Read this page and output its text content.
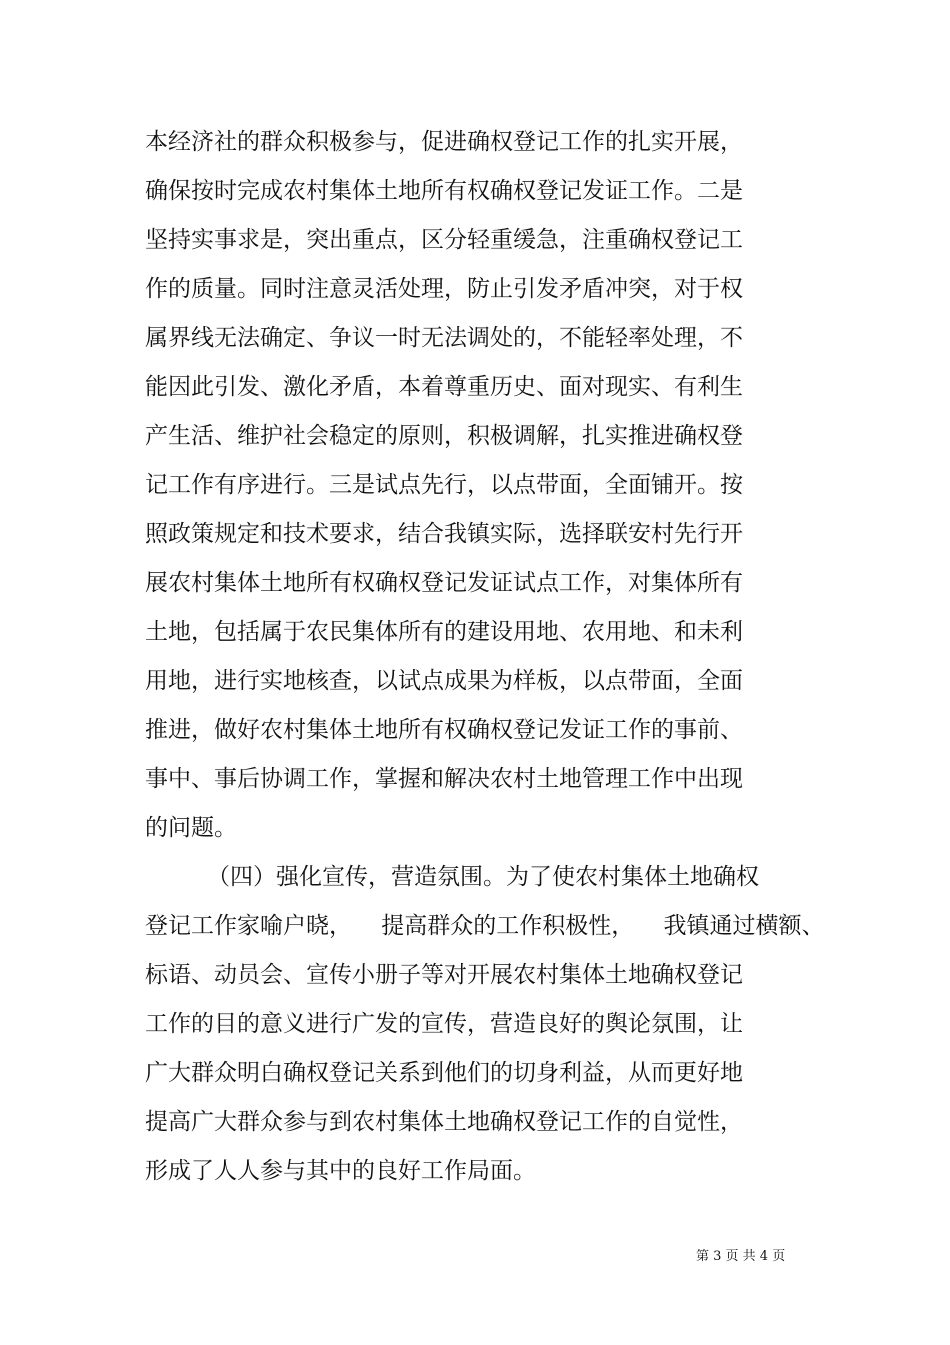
本经济社的群众积极参与，促进确权登记工作的扎实开展，
确保按时完成农村集体土地所有权确权登记发证工作。二是
坚持实事求是，突出重点，区分轻重缓急，注重确权登记工
作的质量。同时注意灵活处理，防止引发矛盾冲突，对于权
属界线无法确定、争议一时无法调处的，不能轻率处理，不
能因此引发、激化矛盾，本着尊重历史、面对现实、有利生
产生活、维护社会稳定的原则，积极调解，扎实推进确权登
记工作有序进行。三是试点先行，以点带面，全面铺开。按
照政策规定和技术要求，结合我镇实际，选择联安村先行开
展农村集体土地所有权确权登记发证试点工作，对集体所有
土地，包括属于农民集体所有的建设用地、农用地、和未利
用地，进行实地核查，以试点成果为样板，以点带面，全面
推进，做好农村集体土地所有权确权登记发证工作的事前、
事中、事后协调工作，掌握和解决农村土地管理工作中出现
的问题。
（四）强化宣传，营造氛围。为了使农村集体土地确权
登记工作家喻户晓，    提高群众的工作积极性，    我镇通过横额、
标语、动员会、宣传小册子等对开展农村集体土地确权登记
工作的目的意义进行广发的宣传，营造良好的舆论氛围，让
广大群众明白确权登记关系到他们的切身利益，从而更好地
提高广大群众参与到农村集体土地确权登记工作的自觉性，
形成了人人参与其中的良好工作局面。
第 3 页 共 4 页
